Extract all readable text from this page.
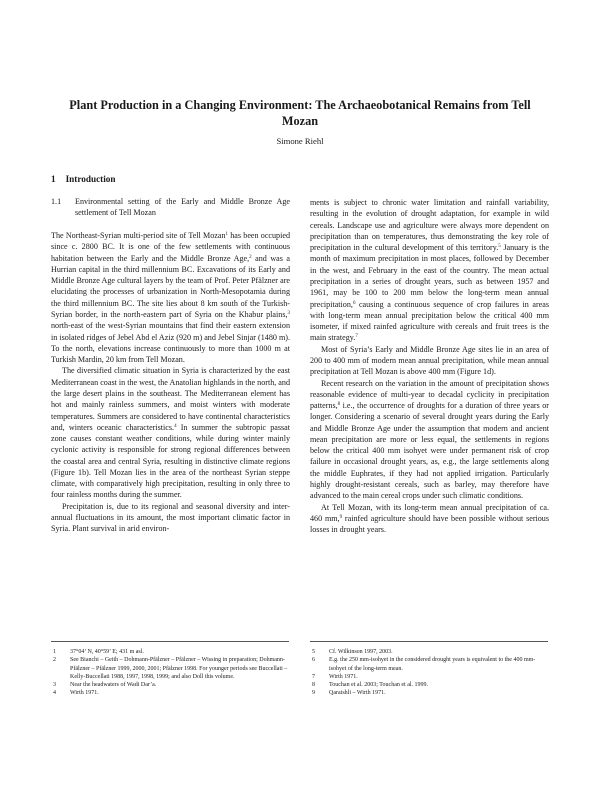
Plant Production in a Changing Environment: The Archaeobotanical Remains from Tell Mozan
Simone Riehl
1 Introduction
1.1 Environmental setting of the Early and Middle Bronze Age settlement of Tell Mozan

The Northeast-Syrian multi-period site of Tell Mozan$^1$ has been occupied since c. 2800 BC. It is one of the few settlements with continuous habitation between the Early and the Middle Bronze Age,$^2$ and was a Hurrian capital in the third millennium BC. Excavations of its Early and Middle Bronze Age cultural layers by the team of Prof. Peter Pfälzner are elucidating the processes of urbanization in North-Mesopotamia during the third millennium BC. The site lies about 8 km south of the Turkish-Syrian border, in the north-eastern part of Syria on the Khabur plains,$^3$ north-east of the west-Syrian mountains that find their eastern extension in isolated ridges of Jebel Abd el Aziz (920 m) and Jebel Sinjar (1480 m). To the north, elevations increase continuously to more than 1000 m at Turkish Mardin, 20 km from Tell Mozan.

The diversified climatic situation in Syria is characterized by the east Mediterranean coast in the west, the Anatolian highlands in the north, and the large desert plains in the southeast. The Mediterranean element has hot and mainly rainless summers, and moist winters with moderate temperatures. Summers are considered to have continental characteristics and, winters oceanic characteristics.$^4$ In summer the subtropic passat zone causes constant weather conditions, while during winter mainly cyclonic activity is responsible for strong regional differences between the coastal area and central Syria, resulting in distinctive climate regions (Figure 1b). Tell Mozan lies in the area of the northeast Syrian steppe climate, with comparatively high precipitation, resulting in only three to four rainless months during the summer.

Precipitation is, due to its regional and seasonal diversity and inter-annual fluctuations in its amount, the most important climatic factor in Syria. Plant survival in arid environ-

ments is subject to chronic water limitation and rainfall variability, resulting in the evolution of drought adaptation, for example in wild cereals. Landscape use and agriculture were always more dependent on precipitation than on temperatures, thus demonstrating the key role of precipitation in the cultural development of this territory.$^5$ January is the month of maximum precipitation in most places, followed by December in the west, and February in the east of the country. The mean actual precipitation in a series of drought years, such as between 1957 and 1961, may be 100 to 200 mm below the long-term mean annual precipitation,$^6$ causing a continuous sequence of crop failures in areas with long-term mean annual precipitation below the critical 400 mm isometer, if mixed rainfed agriculture with cereals and fruit trees is the main strategy.$^7$

Most of Syria’s Early and Middle Bronze Age sites lie in an area of 200 to 400 mm of modern mean annual precipitation, while mean annual precipitation at Tell Mozan is above 400 mm (Figure 1d).

Recent research on the variation in the amount of precipitation shows reasonable evidence of multi-year to decadal cyclicity in precipitation patterns,$^8$ i.e., the occurrence of droughts for a duration of three years or longer. Considering a scenario of several drought years during the Early and Middle Bronze Age under the assumption that modern and ancient mean precipitation are more or less equal, the settlements in regions below the critical 400 mm isohyet were under permanent risk of crop failure in occasional drought years, as, e.g., the large settlements along the middle Euphrates, if they had not applied irrigation. Particularly highly drought-resistant cereals, such as barley, may therefore have advanced to the main cereal crops under such climatic conditions.

At Tell Mozan, with its long-term mean annual precipitation of ca. 460 mm,$^9$ rainfed agriculture should have been possible without serious losses in drought years.

1	37°04’ N, 40°59’ E; 431 m asl.
2	See Bianchi – Geith – Dohmann-Pfälzner – Pfälzner – Wissing in preparation; Dohmann-Pfälzner – Pfälzner 1999, 2000, 2001; Pfälzner 1998. For younger periods see Buccellati – Kelly-Buccellati 1988, 1997, 1998, 1999; and also Doll this volume.
3	Near the headwaters of Wadi Dar’a.
4	Wirth 1971.
5	Cf. Wilkinson 1997, 2003.
6	E.g. the 250 mm-isohyet in the considered drought years is equivalent to the 400 mm-isohyet of the long-term mean.
7	Wirth 1971.
8	Touchan et al. 2003; Touchan et al. 1999.
9	Qaraishli – Wirth 1971.
